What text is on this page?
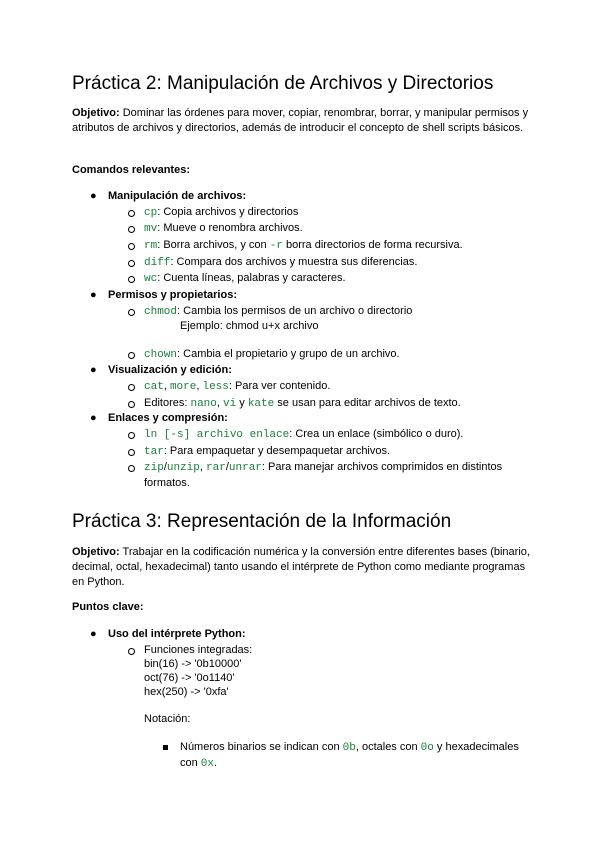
Práctica 2: Manipulación de Archivos y Directorios
Objetivo: Dominar las órdenes para mover, copiar, renombrar, borrar, y manipular permisos y atributos de archivos y directorios, además de introducir el concepto de shell scripts básicos.
Comandos relevantes:
● Manipulación de archivos:
cp: Copia archivos y directorios
mv: Mueve o renombra archivos.
rm: Borra archivos, y con -r borra directorios de forma recursiva.
diff: Compara dos archivos y muestra sus diferencias.
wc: Cuenta líneas, palabras y caracteres.
● Permisos y propietarios:
chmod: Cambia los permisos de un archivo o directorio
Ejemplo: chmod u+x archivo
chown: Cambia el propietario y grupo de un archivo.
● Visualización y edición:
cat, more, less: Para ver contenido.
Editores: nano, vi y kate se usan para editar archivos de texto.
● Enlaces y compresión:
ln [-s] archivo enlace: Crea un enlace (simbólico o duro).
tar: Para empaquetar y desempaquetar archivos.
zip/unzip, rar/unrar: Para manejar archivos comprimidos en distintos
formatos.
Práctica 3: Representación de la Información
Objetivo: Trabajar en la codificación numérica y la conversión entre diferentes bases (binario, decimal, octal, hexadecimal) tanto usando el intérprete de Python como mediante programas en Python.
Puntos clave:
● Uso del intérprete Python:
Funciones integradas:
bin(16) -> '0b10000'
oct(76) -> '0o1140'
hex(250) -> '0xfa'
Notación:
Números binarios se indican con 0b, octales con 0o y hexadecimales
con 0x.
